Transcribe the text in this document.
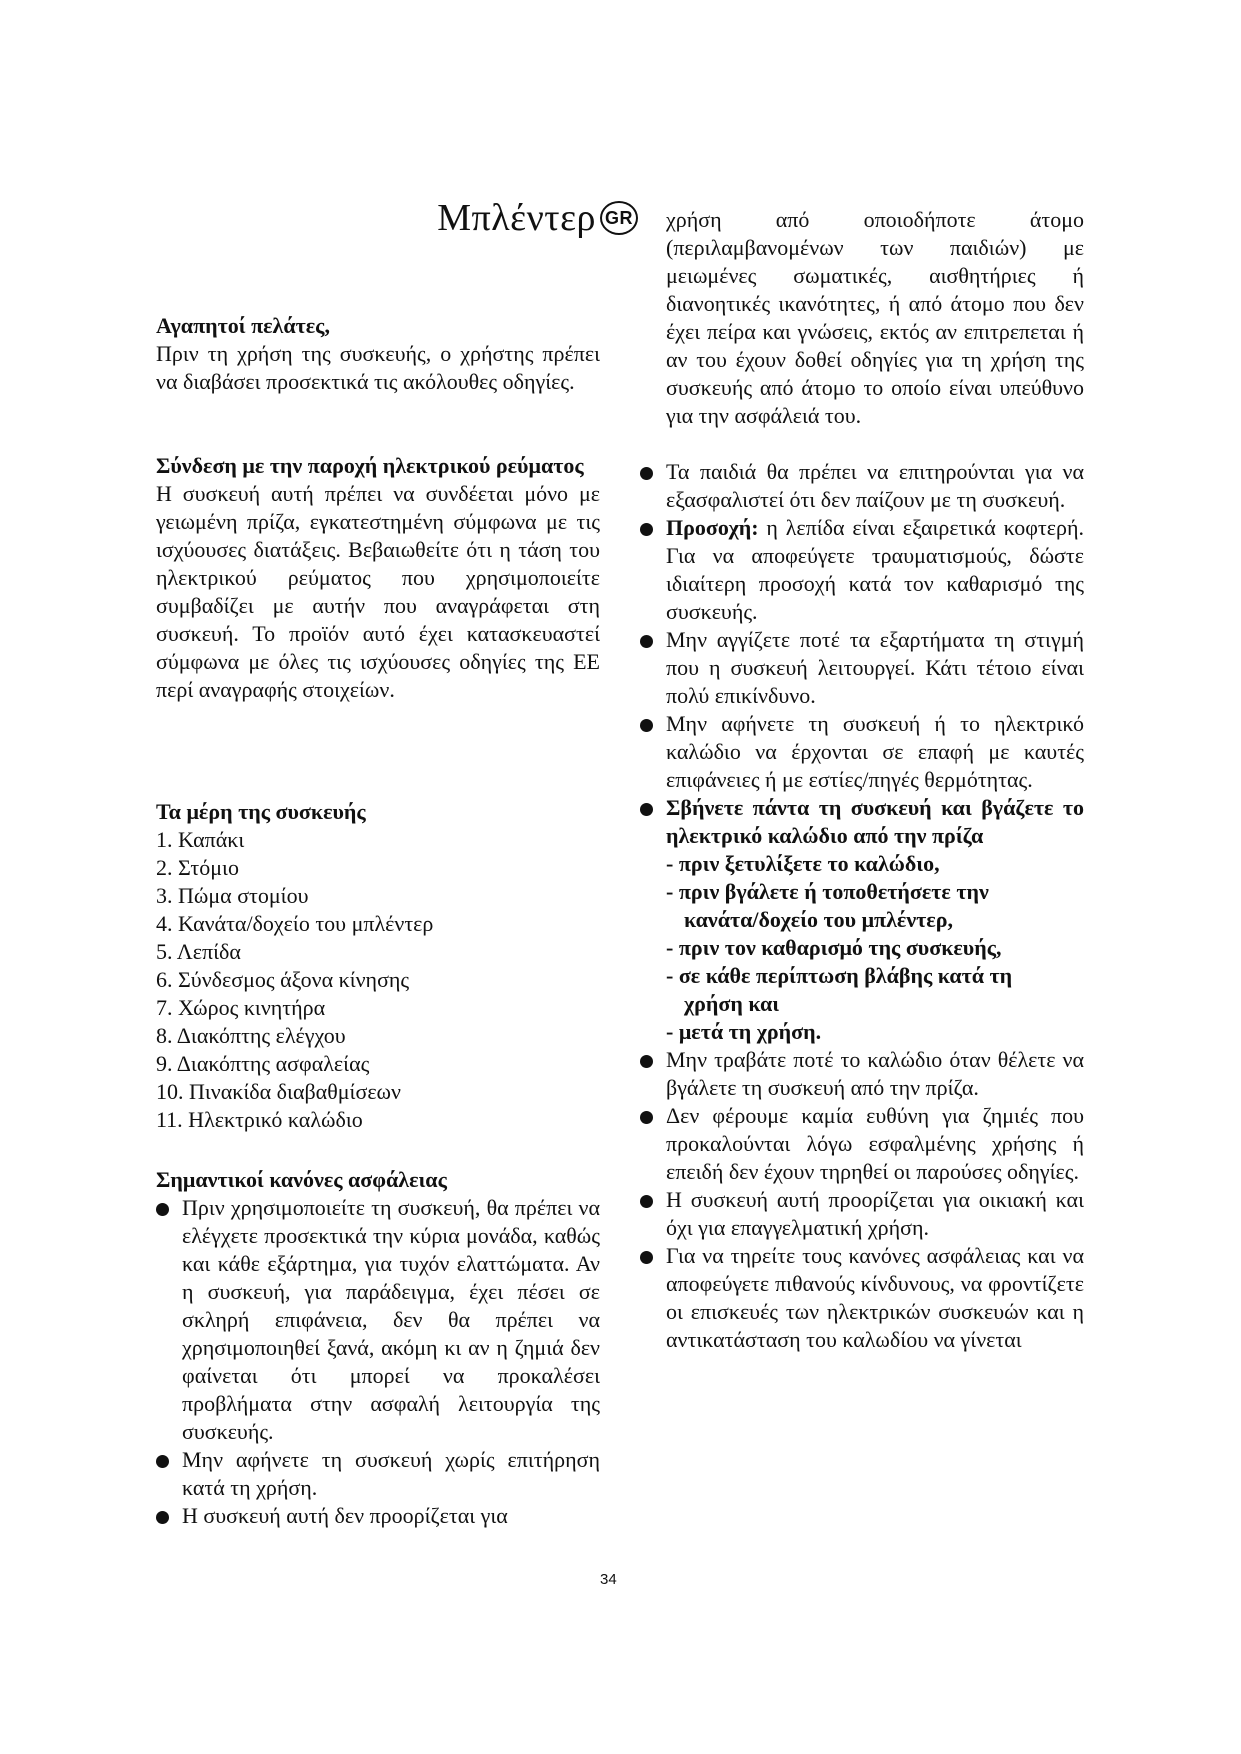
Μπλέντερ GR
Αγαπητοί πελάτες,
Πριν τη χρήση της συσκευής, ο χρήστης πρέπει να διαβάσει προσεκτικά τις ακόλουθες οδηγίες.
Σύνδεση με την παροχή ηλεκτρικού ρεύματος
Η συσκευή αυτή πρέπει να συνδέεται μόνο με γειωμένη πρίζα, εγκατεστημένη σύμφωνα με τις ισχύουσες διατάξεις. Βεβαιωθείτε ότι η τάση του ηλεκτρικού ρεύματος που χρησιμοποιείτε συμβαδίζει με αυτήν που αναγράφεται στη συσκευή. Το προϊόν αυτό έχει κατασκευαστεί σύμφωνα με όλες τις ισχύουσες οδηγίες της ΕΕ περί αναγραφής στοιχείων.
Τα μέρη της συσκευής
1. Καπάκι
2. Στόμιο
3. Πώμα στομίου
4. Κανάτα/δοχείο του μπλέντερ
5. Λεπίδα
6. Σύνδεσμος άξονα κίνησης
7. Χώρος κινητήρα
8. Διακόπτης ελέγχου
9. Διακόπτης ασφαλείας
10. Πινακίδα διαβαθμίσεων
11. Ηλεκτρικό καλώδιο
Σημαντικοί κανόνες ασφάλειας
Πριν χρησιμοποιείτε τη συσκευή, θα πρέπει να ελέγχετε προσεκτικά την κύρια μονάδα, καθώς και κάθε εξάρτημα, για τυχόν ελαττώματα. Αν η συσκευή, για παράδειγμα, έχει πέσει σε σκληρή επιφάνεια, δεν θα πρέπει να χρησιμοποιηθεί ξανά, ακόμη κι αν η ζημιά δεν φαίνεται ότι μπορεί να προκαλέσει προβλήματα στην ασφαλή λειτουργία της συσκευής.
Μην αφήνετε τη συσκευή χωρίς επιτήρηση κατά τη χρήση.
Η συσκευή αυτή δεν προορίζεται για
34
χρήση από οποιοδήποτε άτομο (περιλαμβανομένων των παιδιών) με μειωμένες σωματικές, αισθητήριες ή διανοητικές ικανότητες, ή από άτομο που δεν έχει πείρα και γνώσεις, εκτός αν επιτρεπεται ή αν του έχουν δοθεί οδηγίες για τη χρήση της συσκευής από άτομο το οποίο είναι υπεύθυνο για την ασφάλειά του.
Τα παιδιά θα πρέπει να επιτηρούνται για να εξασφαλιστεί ότι δεν παίζουν με τη συσκευή.
Προσοχή: η λεπίδα είναι εξαιρετικά κοφτερή. Για να αποφεύγετε τραυματισμούς, δώστε ιδιαίτερη προσοχή κατά τον καθαρισμό της συσκευής.
Μην αγγίζετε ποτέ τα εξαρτήματα τη στιγμή που η συσκευή λειτουργεί. Κάτι τέτοιο είναι πολύ επικίνδυνο.
Μην αφήνετε τη συσκευή ή το ηλεκτρικό καλώδιο να έρχονται σε επαφή με καυτές επιφάνειες ή με εστίες/πηγές θερμότητας.
Σβήνετε πάντα τη συσκευή και βγάζετε το ηλεκτρικό καλώδιο από την πρίζα
- πριν ξετυλίξετε το καλώδιο,
- πριν βγάλετε ή τοποθετήσετε την
κανάτα/δοχείο του μπλέντερ,
- πριν τον καθαρισμό της συσκευής,
- σε κάθε περίπτωση βλάβης κατά τη
χρήση και
- μετά τη χρήση.
Μην τραβάτε ποτέ το καλώδιο όταν θέλετε να βγάλετε τη συσκευή από την πρίζα.
Δεν φέρουμε καμία ευθύνη για ζημιές που προκαλούνται λόγω εσφαλμένης χρήσης ή επειδή δεν έχουν τηρηθεί οι παρούσες οδηγίες.
Η συσκευή αυτή προορίζεται για οικιακή και όχι για επαγγελματική χρήση.
Για να τηρείτε τους κανόνες ασφάλειας και να αποφεύγετε πιθανούς κίνδυνους, να φροντίζετε οι επισκευές των ηλεκτρικών συσκευών και η αντικατάσταση του καλωδίου να γίνεται
